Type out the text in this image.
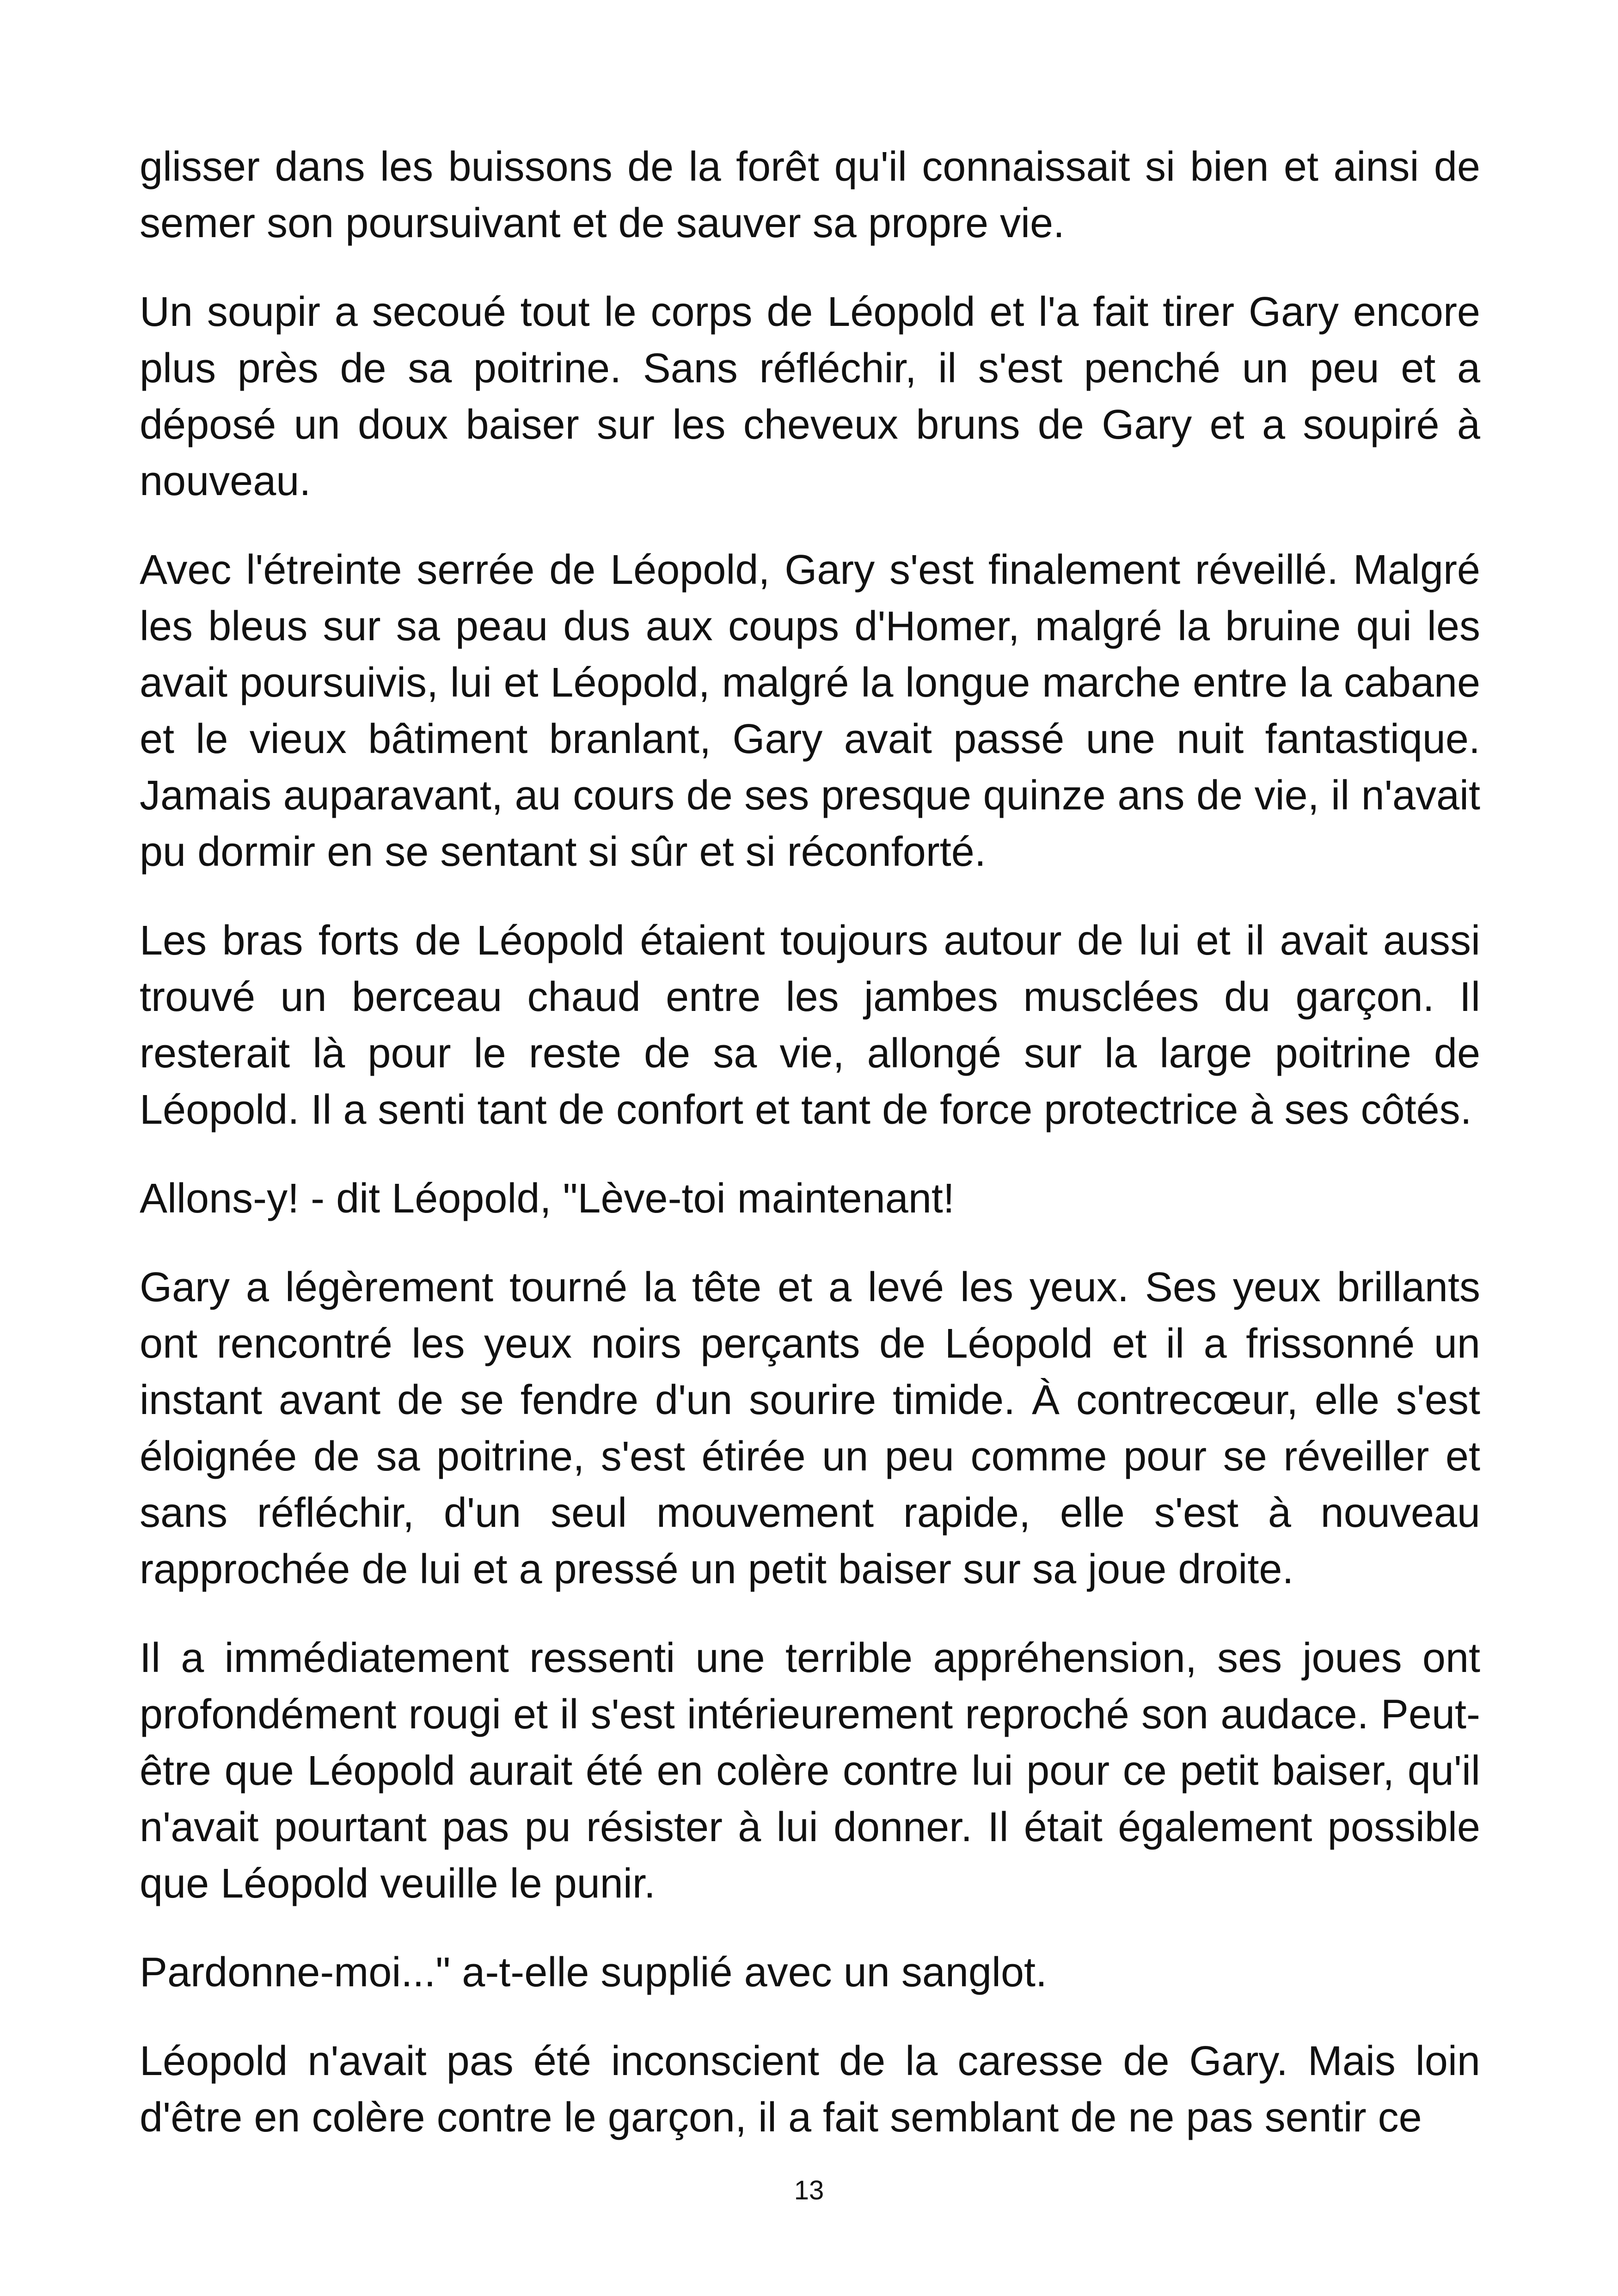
glisser dans les buissons de la forêt qu'il connaissait si bien et ainsi de semer son poursuivant et de sauver sa propre vie.

Un soupir a secoué tout le corps de Léopold et l'a fait tirer Gary encore plus près de sa poitrine. Sans réfléchir, il s'est penché un peu et a déposé un doux baiser sur les cheveux bruns de Gary et a soupiré à nouveau.

Avec l'étreinte serrée de Léopold, Gary s'est finalement réveillé. Malgré les bleus sur sa peau dus aux coups d'Homer, malgré la bruine qui les avait poursuivis, lui et Léopold, malgré la longue marche entre la cabane et le vieux bâtiment branlant, Gary avait passé une nuit fantastique. Jamais auparavant, au cours de ses presque quinze ans de vie, il n'avait pu dormir en se sentant si sûr et si réconforté.

Les bras forts de Léopold étaient toujours autour de lui et il avait aussi trouvé un berceau chaud entre les jambes musclées du garçon. Il resterait là pour le reste de sa vie, allongé sur la large poitrine de Léopold. Il a senti tant de confort et tant de force protectrice à ses côtés.

Allons-y! - dit Léopold, "Lève-toi maintenant!

Gary a légèrement tourné la tête et a levé les yeux. Ses yeux brillants ont rencontré les yeux noirs perçants de Léopold et il a frissonné un instant avant de se fendre d'un sourire timide. À contrecœur, elle s'est éloignée de sa poitrine, s'est étirée un peu comme pour se réveiller et sans réfléchir, d'un seul mouvement rapide, elle s'est à nouveau rapprochée de lui et a pressé un petit baiser sur sa joue droite.

Il a immédiatement ressenti une terrible appréhension, ses joues ont profondément rougi et il s'est intérieurement reproché son audace. Peut-être que Léopold aurait été en colère contre lui pour ce petit baiser, qu'il n'avait pourtant pas pu résister à lui donner. Il était également possible que Léopold veuille le punir.

Pardonne-moi..." a-t-elle supplié avec un sanglot.

Léopold n'avait pas été inconscient de la caresse de Gary. Mais loin d'être en colère contre le garçon, il a fait semblant de ne pas sentir ce

13
